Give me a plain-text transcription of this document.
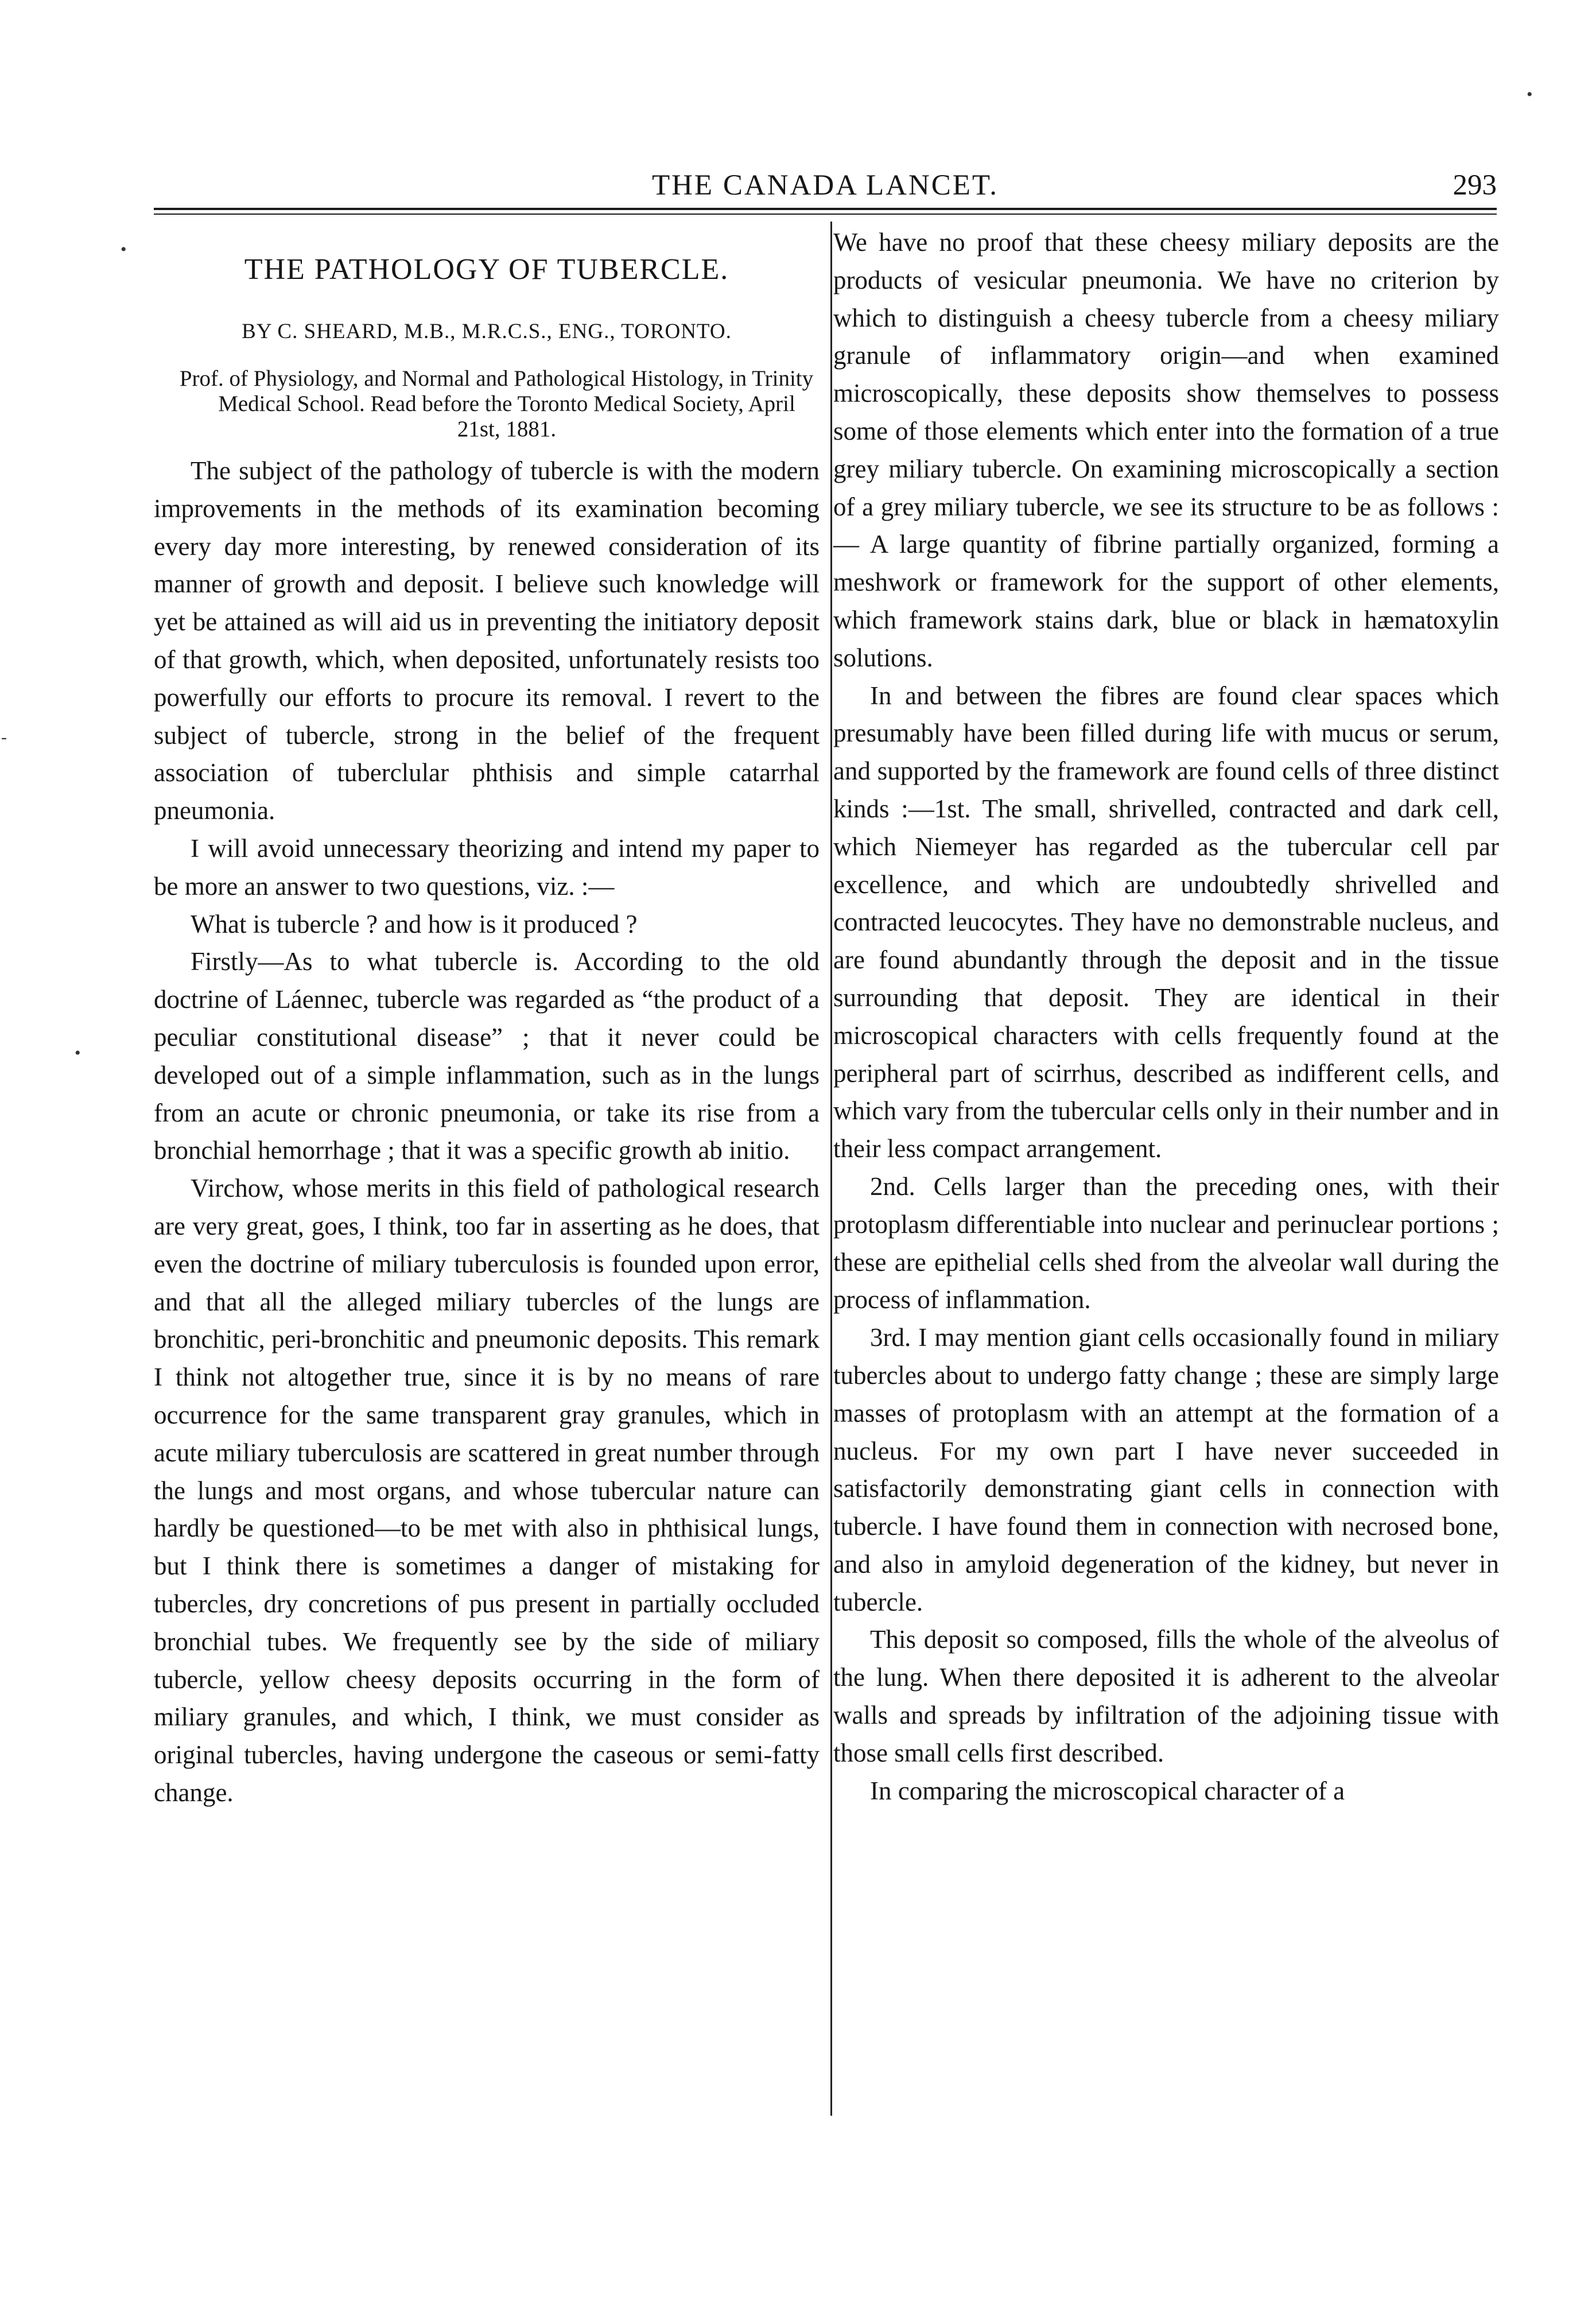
THE CANADA LANCET.	293
•
•
-
•
THE PATHOLOGY OF TUBERCLE.
BY C. SHEARD, M.B., M.R.C.S., ENG., TORONTO.
Prof. of Physiology, and Normal and Pathological Histology, in Trinity Medical School. Read before the Toronto Medical Society, April 21st, 1881.

The subject of the pathology of tubercle is with the modern improvements in the methods of its examination becoming every day more interesting, by renewed consideration of its manner of growth and deposit. I believe such knowledge will yet be attained as will aid us in preventing the initiatory deposit of that growth, which, when deposited, unfortunately resists too powerfully our efforts to procure its removal. I revert to the subject of tubercle, strong in the belief of the frequent association of tuberclular phthisis and simple catarrhal pneumonia.

I will avoid unnecessary theorizing and intend my paper to be more an answer to two questions, viz. :—

What is tubercle ? and how is it produced ?

Firstly—As to what tubercle is. According to the old doctrine of Láennec, tubercle was regarded as “the product of a peculiar constitutional disease” ; that it never could be developed out of a simple inflammation, such as in the lungs from an acute or chronic pneumonia, or take its rise from a bronchial hemorrhage ; that it was a specific growth ab initio.

Virchow, whose merits in this field of pathological research are very great, goes, I think, too far in asserting as he does, that even the doctrine of miliary tuberculosis is founded upon error, and that all the alleged miliary tubercles of the lungs are bronchitic, peri-bronchitic and pneumonic deposits. This remark I think not altogether true, since it is by no means of rare occurrence for the same transparent gray granules, which in acute miliary tuberculosis are scattered in great number through the lungs and most organs, and whose tubercular nature can hardly be questioned—to be met with also in phthisical lungs, but I think there is sometimes a danger of mistaking for tubercles, dry concretions of pus present in partially occluded bronchial tubes. We frequently see by the side of miliary tubercle, yellow cheesy deposits occurring in the form of miliary granules, and which, I think, we must consider as original tubercles, having undergone the caseous or semi-fatty change.

We have no proof that these cheesy miliary deposits are the products of vesicular pneumonia. We have no criterion by which to distinguish a cheesy tubercle from a cheesy miliary granule of inflammatory origin—and when examined microscopically, these deposits show themselves to possess some of those elements which enter into the formation of a true grey miliary tubercle. On examining microscopically a section of a grey miliary tubercle, we see its structure to be as follows :— A large quantity of fibrine partially organized, forming a meshwork or framework for the support of other elements, which framework stains dark, blue or black in hæmatoxylin solutions.

In and between the fibres are found clear spaces which presumably have been filled during life with mucus or serum, and supported by the framework are found cells of three distinct kinds :—1st. The small, shrivelled, contracted and dark cell, which Niemeyer has regarded as the tubercular cell par excellence, and which are undoubtedly shrivelled and contracted leucocytes. They have no demonstrable nucleus, and are found abundantly through the deposit and in the tissue surrounding that deposit. They are identical in their microscopical characters with cells frequently found at the peripheral part of scirrhus, described as indifferent cells, and which vary from the tubercular cells only in their number and in their less compact arrangement.

2nd. Cells larger than the preceding ones, with their protoplasm differentiable into nuclear and perinuclear portions ; these are epithelial cells shed from the alveolar wall during the process of inflammation.

3rd. I may mention giant cells occasionally found in miliary tubercles about to undergo fatty change ; these are simply large masses of protoplasm with an attempt at the formation of a nucleus. For my own part I have never succeeded in satisfactorily demonstrating giant cells in connection with tubercle. I have found them in connection with necrosed bone, and also in amyloid degeneration of the kidney, but never in tubercle.

This deposit so composed, fills the whole of the alveolus of the lung. When there deposited it is adherent to the alveolar walls and spreads by infiltration of the adjoining tissue with those small cells first described.

In comparing the microscopical character of a
